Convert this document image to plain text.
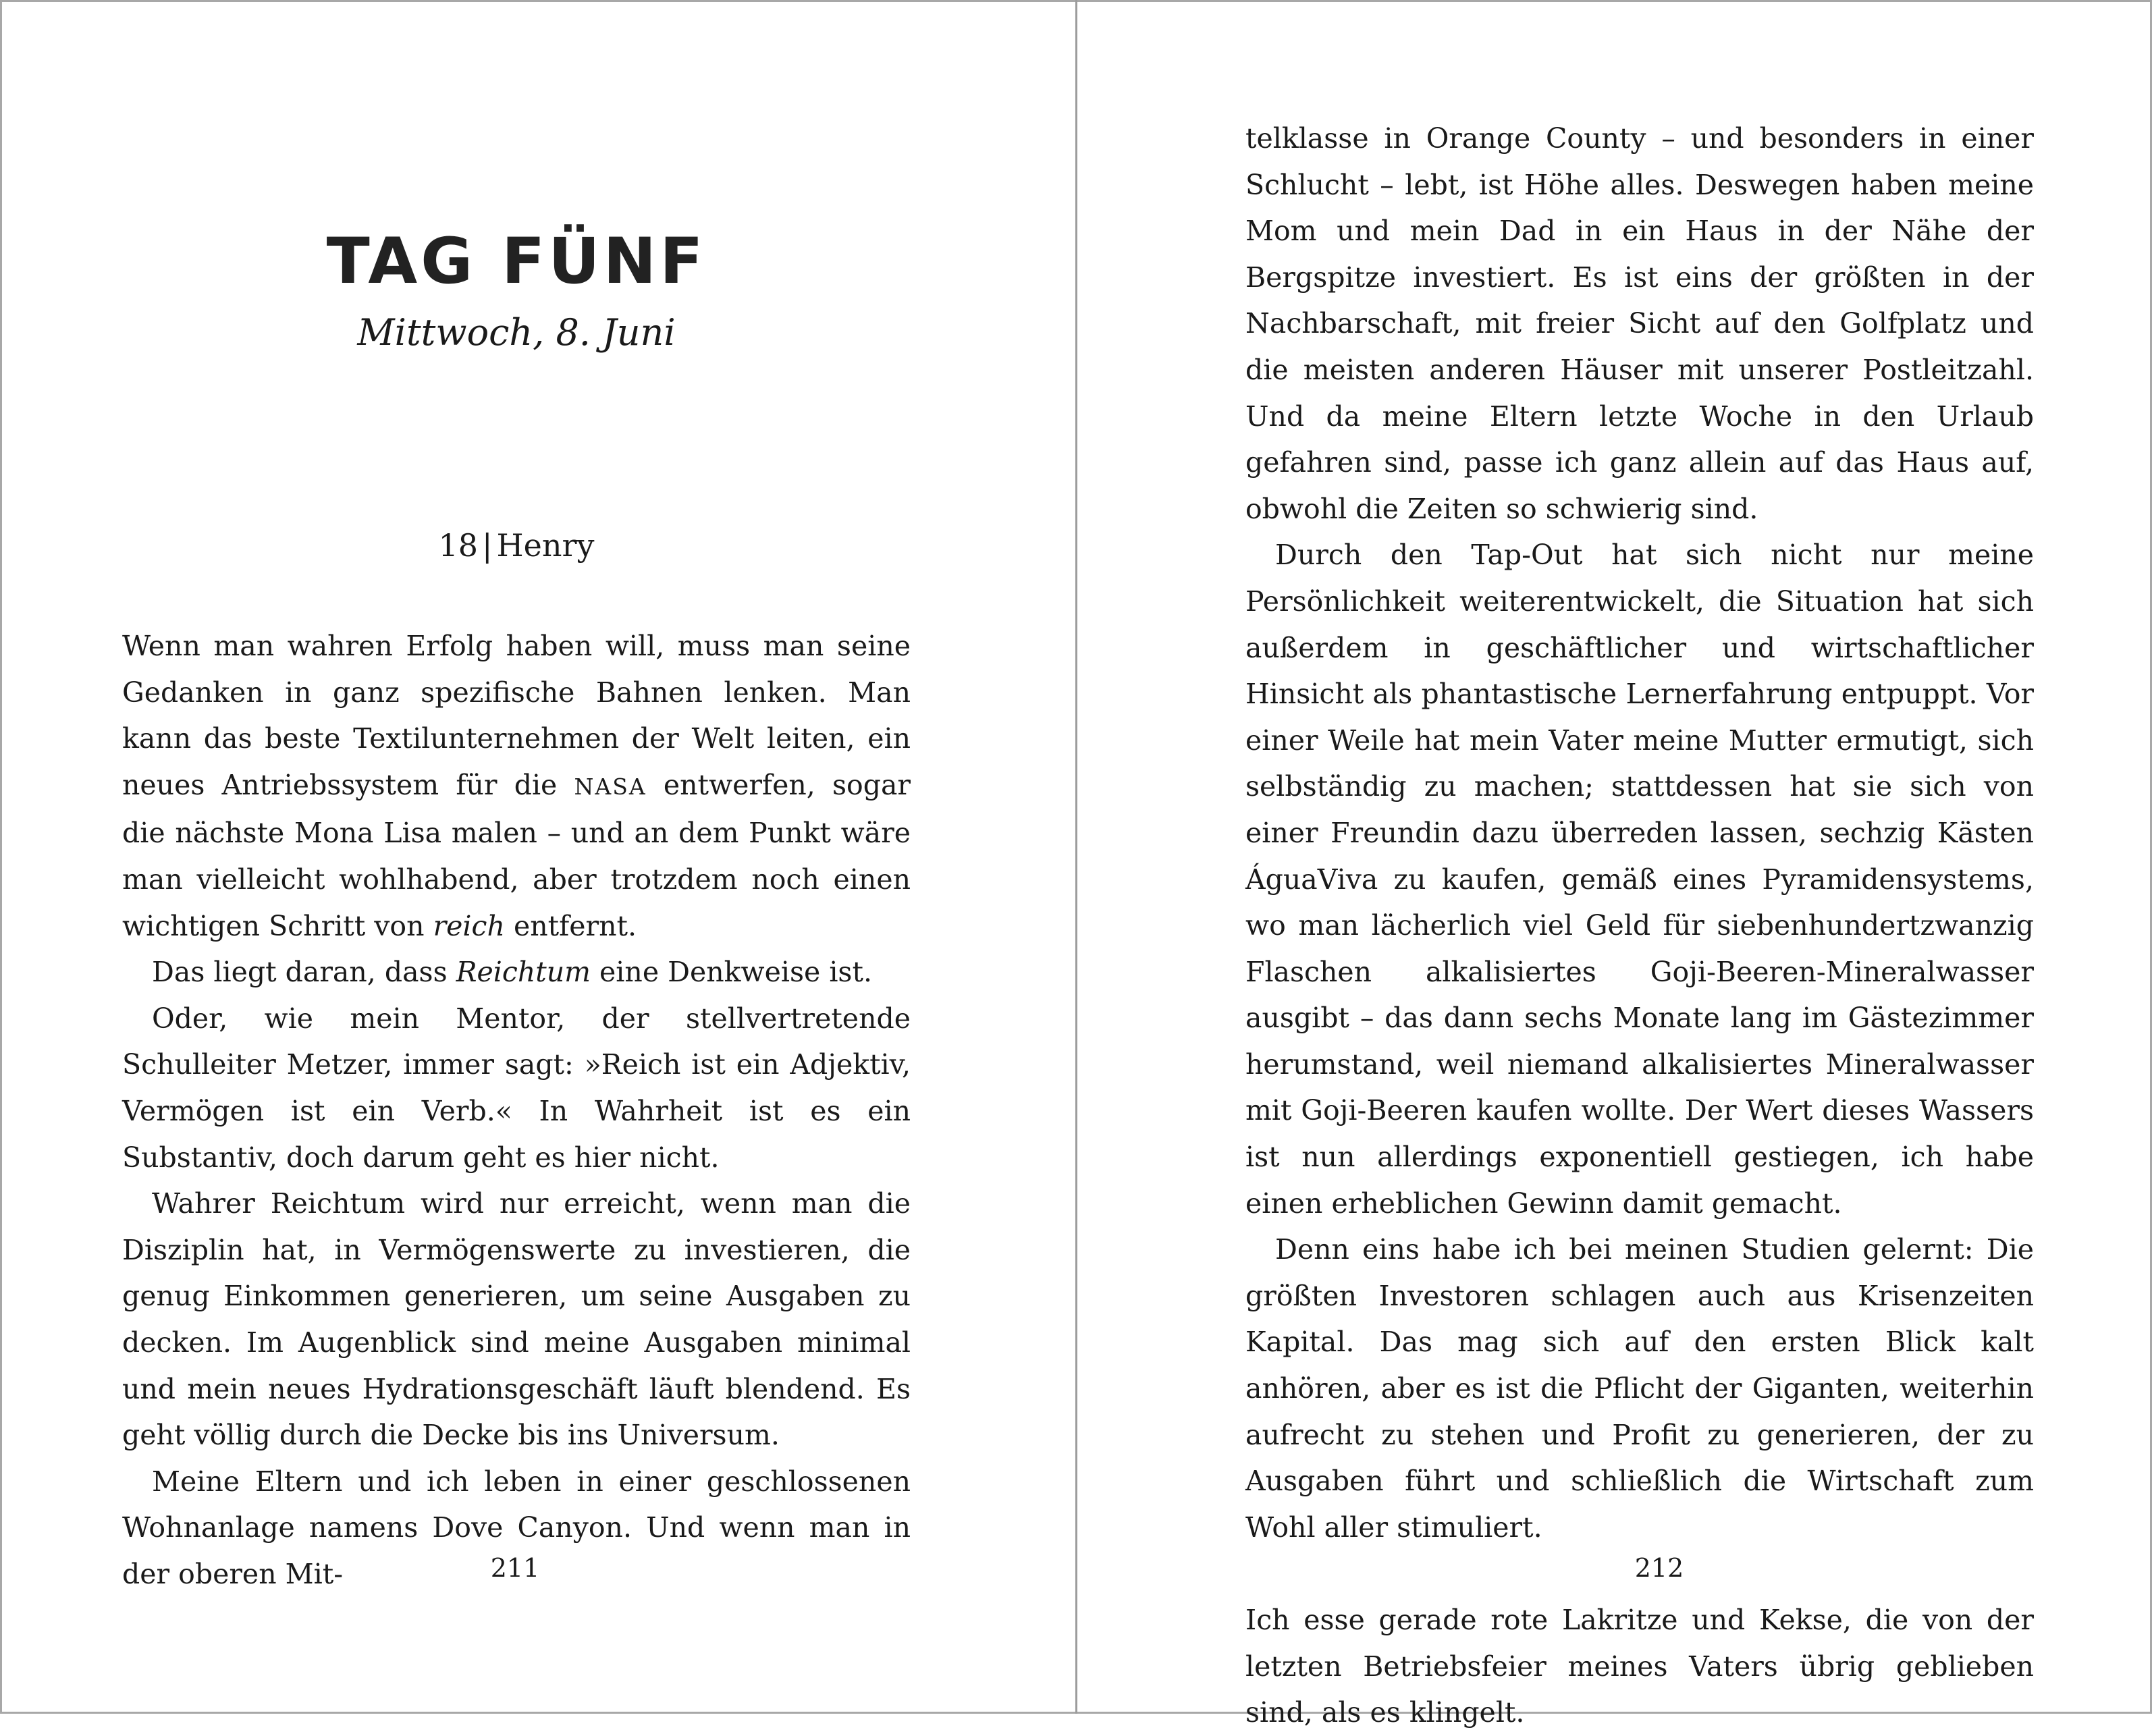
TAG FÜNF
Mittwoch, 8. Juni
18 | Henry

Wenn man wahren Erfolg haben will, muss man seine Gedanken in ganz spezifische Bahnen lenken. Man kann das beste Textilunternehmen der Welt leiten, ein neues Antriebssystem für die NASA entwerfen, sogar die nächste Mona Lisa malen – und an dem Punkt wäre man vielleicht wohlhabend, aber trotzdem noch einen wichtigen Schritt von reich entfernt.

Das liegt daran, dass Reichtum eine Denkweise ist.

Oder, wie mein Mentor, der stellvertretende Schulleiter Metzer, immer sagt: »Reich ist ein Adjektiv, Vermögen ist ein Verb.« In Wahrheit ist es ein Substantiv, doch darum geht es hier nicht.

Wahrer Reichtum wird nur erreicht, wenn man die Disziplin hat, in Vermögenswerte zu investieren, die genug Einkommen generieren, um seine Ausgaben zu decken. Im Augenblick sind meine Ausgaben minimal und mein neues Hydrationsgeschäft läuft blendend. Es geht völlig durch die Decke bis ins Universum.

Meine Eltern und ich leben in einer geschlossenen Wohnanlage namens Dove Canyon. Und wenn man in der oberen Mit-	211

telklasse in Orange County – und besonders in einer Schlucht – lebt, ist Höhe alles. Deswegen haben meine Mom und mein Dad in ein Haus in der Nähe der Bergspitze investiert. Es ist eins der größten in der Nachbarschaft, mit freier Sicht auf den Golfplatz und die meisten anderen Häuser mit unserer Postleitzahl. Und da meine Eltern letzte Woche in den Urlaub gefahren sind, passe ich ganz allein auf das Haus auf, obwohl die Zeiten so schwierig sind.

Durch den Tap-Out hat sich nicht nur meine Persönlichkeit weiterentwickelt, die Situation hat sich außerdem in geschäftlicher und wirtschaftlicher Hinsicht als phantastische Lernerfahrung entpuppt. Vor einer Weile hat mein Vater meine Mutter ermutigt, sich selbständig zu machen; stattdessen hat sie sich von einer Freundin dazu überreden lassen, sechzig Kästen ÁguaViva zu kaufen, gemäß eines Pyramidensystems, wo man lächerlich viel Geld für siebenhundertzwanzig Flaschen alkalisiertes Goji-Beeren-Mineralwasser ausgibt – das dann sechs Monate lang im Gästezimmer herumstand, weil niemand alkalisiertes Mineralwasser mit Goji-Beeren kaufen wollte. Der Wert dieses Wassers ist nun allerdings exponentiell gestiegen, ich habe einen erheblichen Gewinn damit gemacht.

Denn eins habe ich bei meinen Studien gelernt: Die größten Investoren schlagen auch aus Krisenzeiten Kapital. Das mag sich auf den ersten Blick kalt anhören, aber es ist die Pflicht der Giganten, weiterhin aufrecht zu stehen und Profit zu generieren, der zu Ausgaben führt und schließlich die Wirtschaft zum Wohl aller stimuliert.

Ich esse gerade rote Lakritze und Kekse, die von der letzten Betriebsfeier meines Vaters übrig geblieben sind, als es klingelt.

212
